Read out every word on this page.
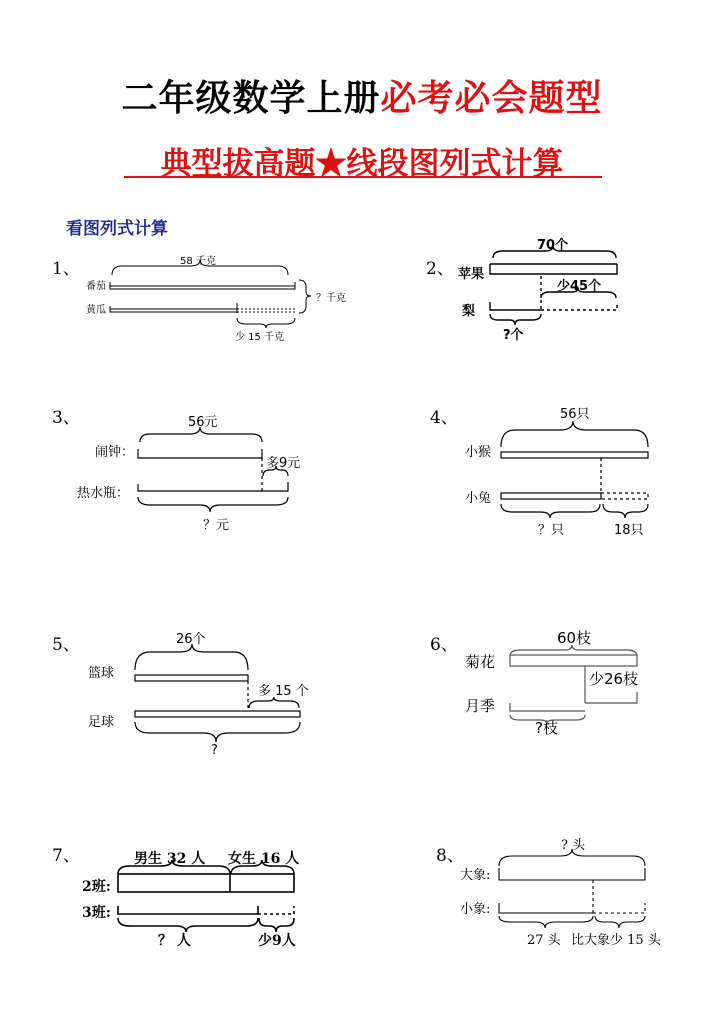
二年级数学上册必考必会题型
典型拔高题★线段图列式计算
看图列式计算
1、
番茄
黄瓜
58 千克
？千克
少 15 千克
2、 苹果
梨
70个
少45个
?个
3、
闹钟：
热水瓶：
56元
多9元
？元
4、
小猴
小兔
56只
？只	18只
5、
篮球
足球
26个
多 15 个
?
6、
菊花
月季
60枝
少26枝
?枝
7、
2班:
3班:
男生 32 人 女生 16 人
？ 人	少9人
8、
大象:
小象:
? 头
27 头 比大象少 15 头
